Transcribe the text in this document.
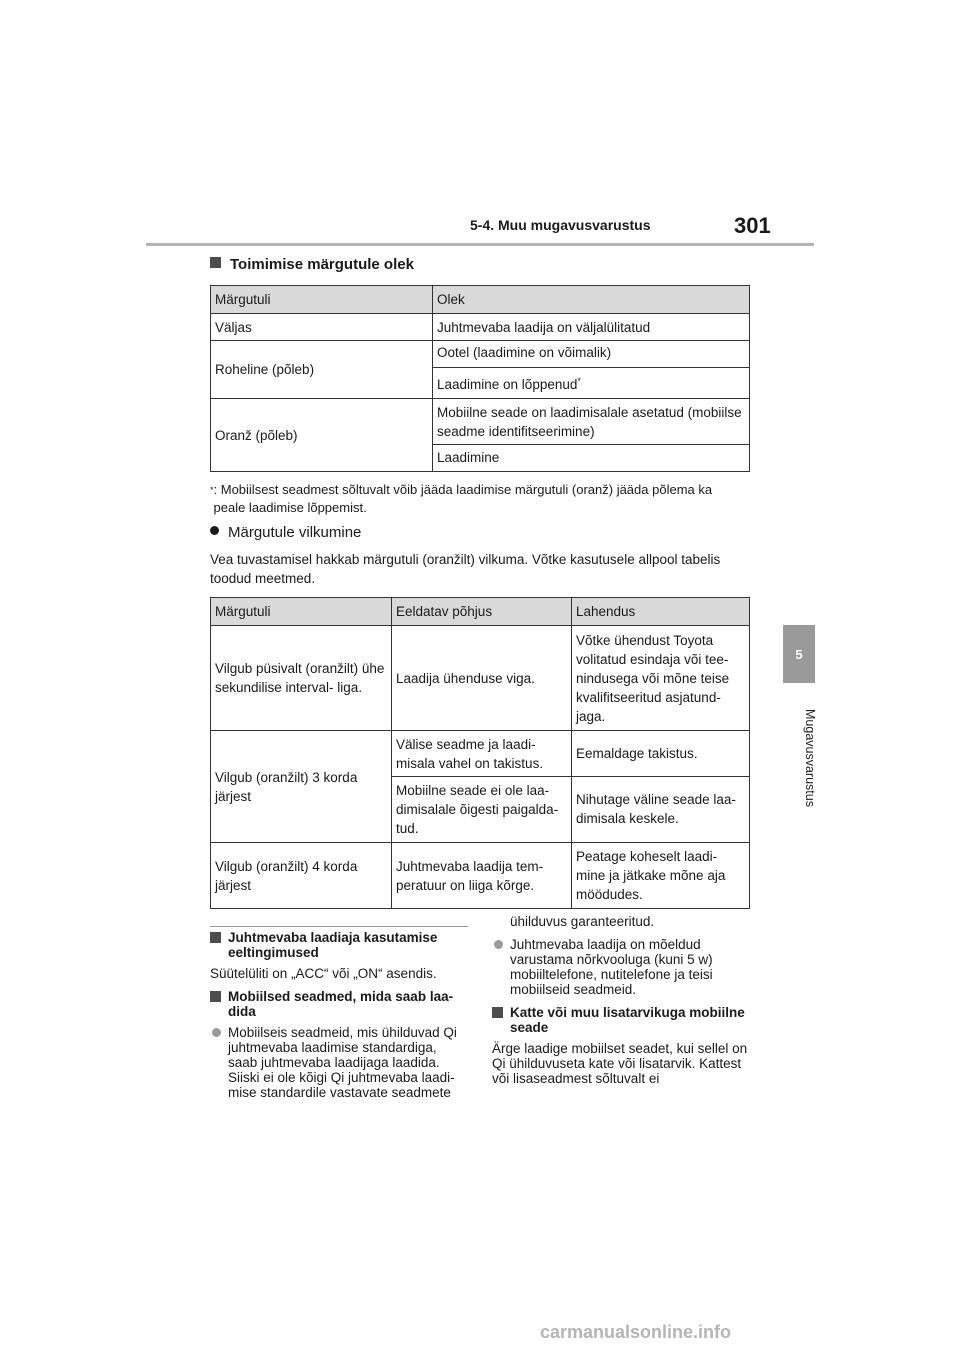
5-4. Muu mugavusvarustus	301
5
Mugavusvarustus
Toimimise märgutule olek
Märgutuli	Olek
Väljas	Juhtmevaba laadija on väljalülitatud
Roheline (põleb)	Ootel (laadimine on võimalik)
	Laadimine on lõppenud*
Oranž (põleb)	Mobiilne seade on laadimisalale asetatud (mobiilse seadme identifitseerimine)
	Laadimine
* : Mobiilsest seadmest sõltuvalt võib jääda laadimise märgutuli (oranž) jääda põlema ka peale laadimise lõppemist.
Märgutule vilkumine
Vea tuvastamisel hakkab märgutuli (oranžilt) vilkuma. Võtke kasutusele allpool tabelis toodud meetmed.
Märgutuli	Eeldatav põhjus	Lahendus
Vilgub püsivalt (oranžilt) ühe sekundilise interval- liga.	Laadija ühenduse viga.	Võtke ühendust Toyota volitatud esindaja või tee- nindusega või mõne teise kvalifitseeritud asjatund- jaga.
Vilgub (oranžilt) 3 korda järjest	Välise seadme ja laadi- misala vahel on takistus.	Eemaldage takistus.
	Mobiilne seade ei ole laa- dimisalale õigesti paigalda- tud.	Nihutage väline seade laa- dimisala keskele.
Vilgub (oranžilt) 4 korda järjest	Juhtmevaba laadija tem- peratuur on liiga kõrge.	Peatage koheselt laadi- mine ja jätkake mõne aja möödudes.
Juhtmevaba laadiaja kasutamise eeltingimused
Süütelüliti on „ACC“ või „ON“ asendis.
Mobiilsed seadmed, mida saab laa- dida
Mobiilseis seadmeid, mis ühilduvad Qi juhtmevaba laadimise standardiga, saab juhtmevaba laadijaga laadida. Siiski ei ole kõigi Qi juhtmevaba laadi- mise standardile vastavate seadmete
ühilduvus garanteeritud.
Juhtmevaba laadija on mõeldud varustama nõrkvooluga (kuni 5 w) mobiiltelefone, nutitelefone ja teisi mobiilseid seadmeid.
Katte või muu lisatarvikuga mobiilne seade
Ärge laadige mobiilset seadet, kui sellel on Qi ühilduvuseta kate või lisatarvik. Kattest või lisaseadmest sõltuvalt ei
carmanualsonline.info
